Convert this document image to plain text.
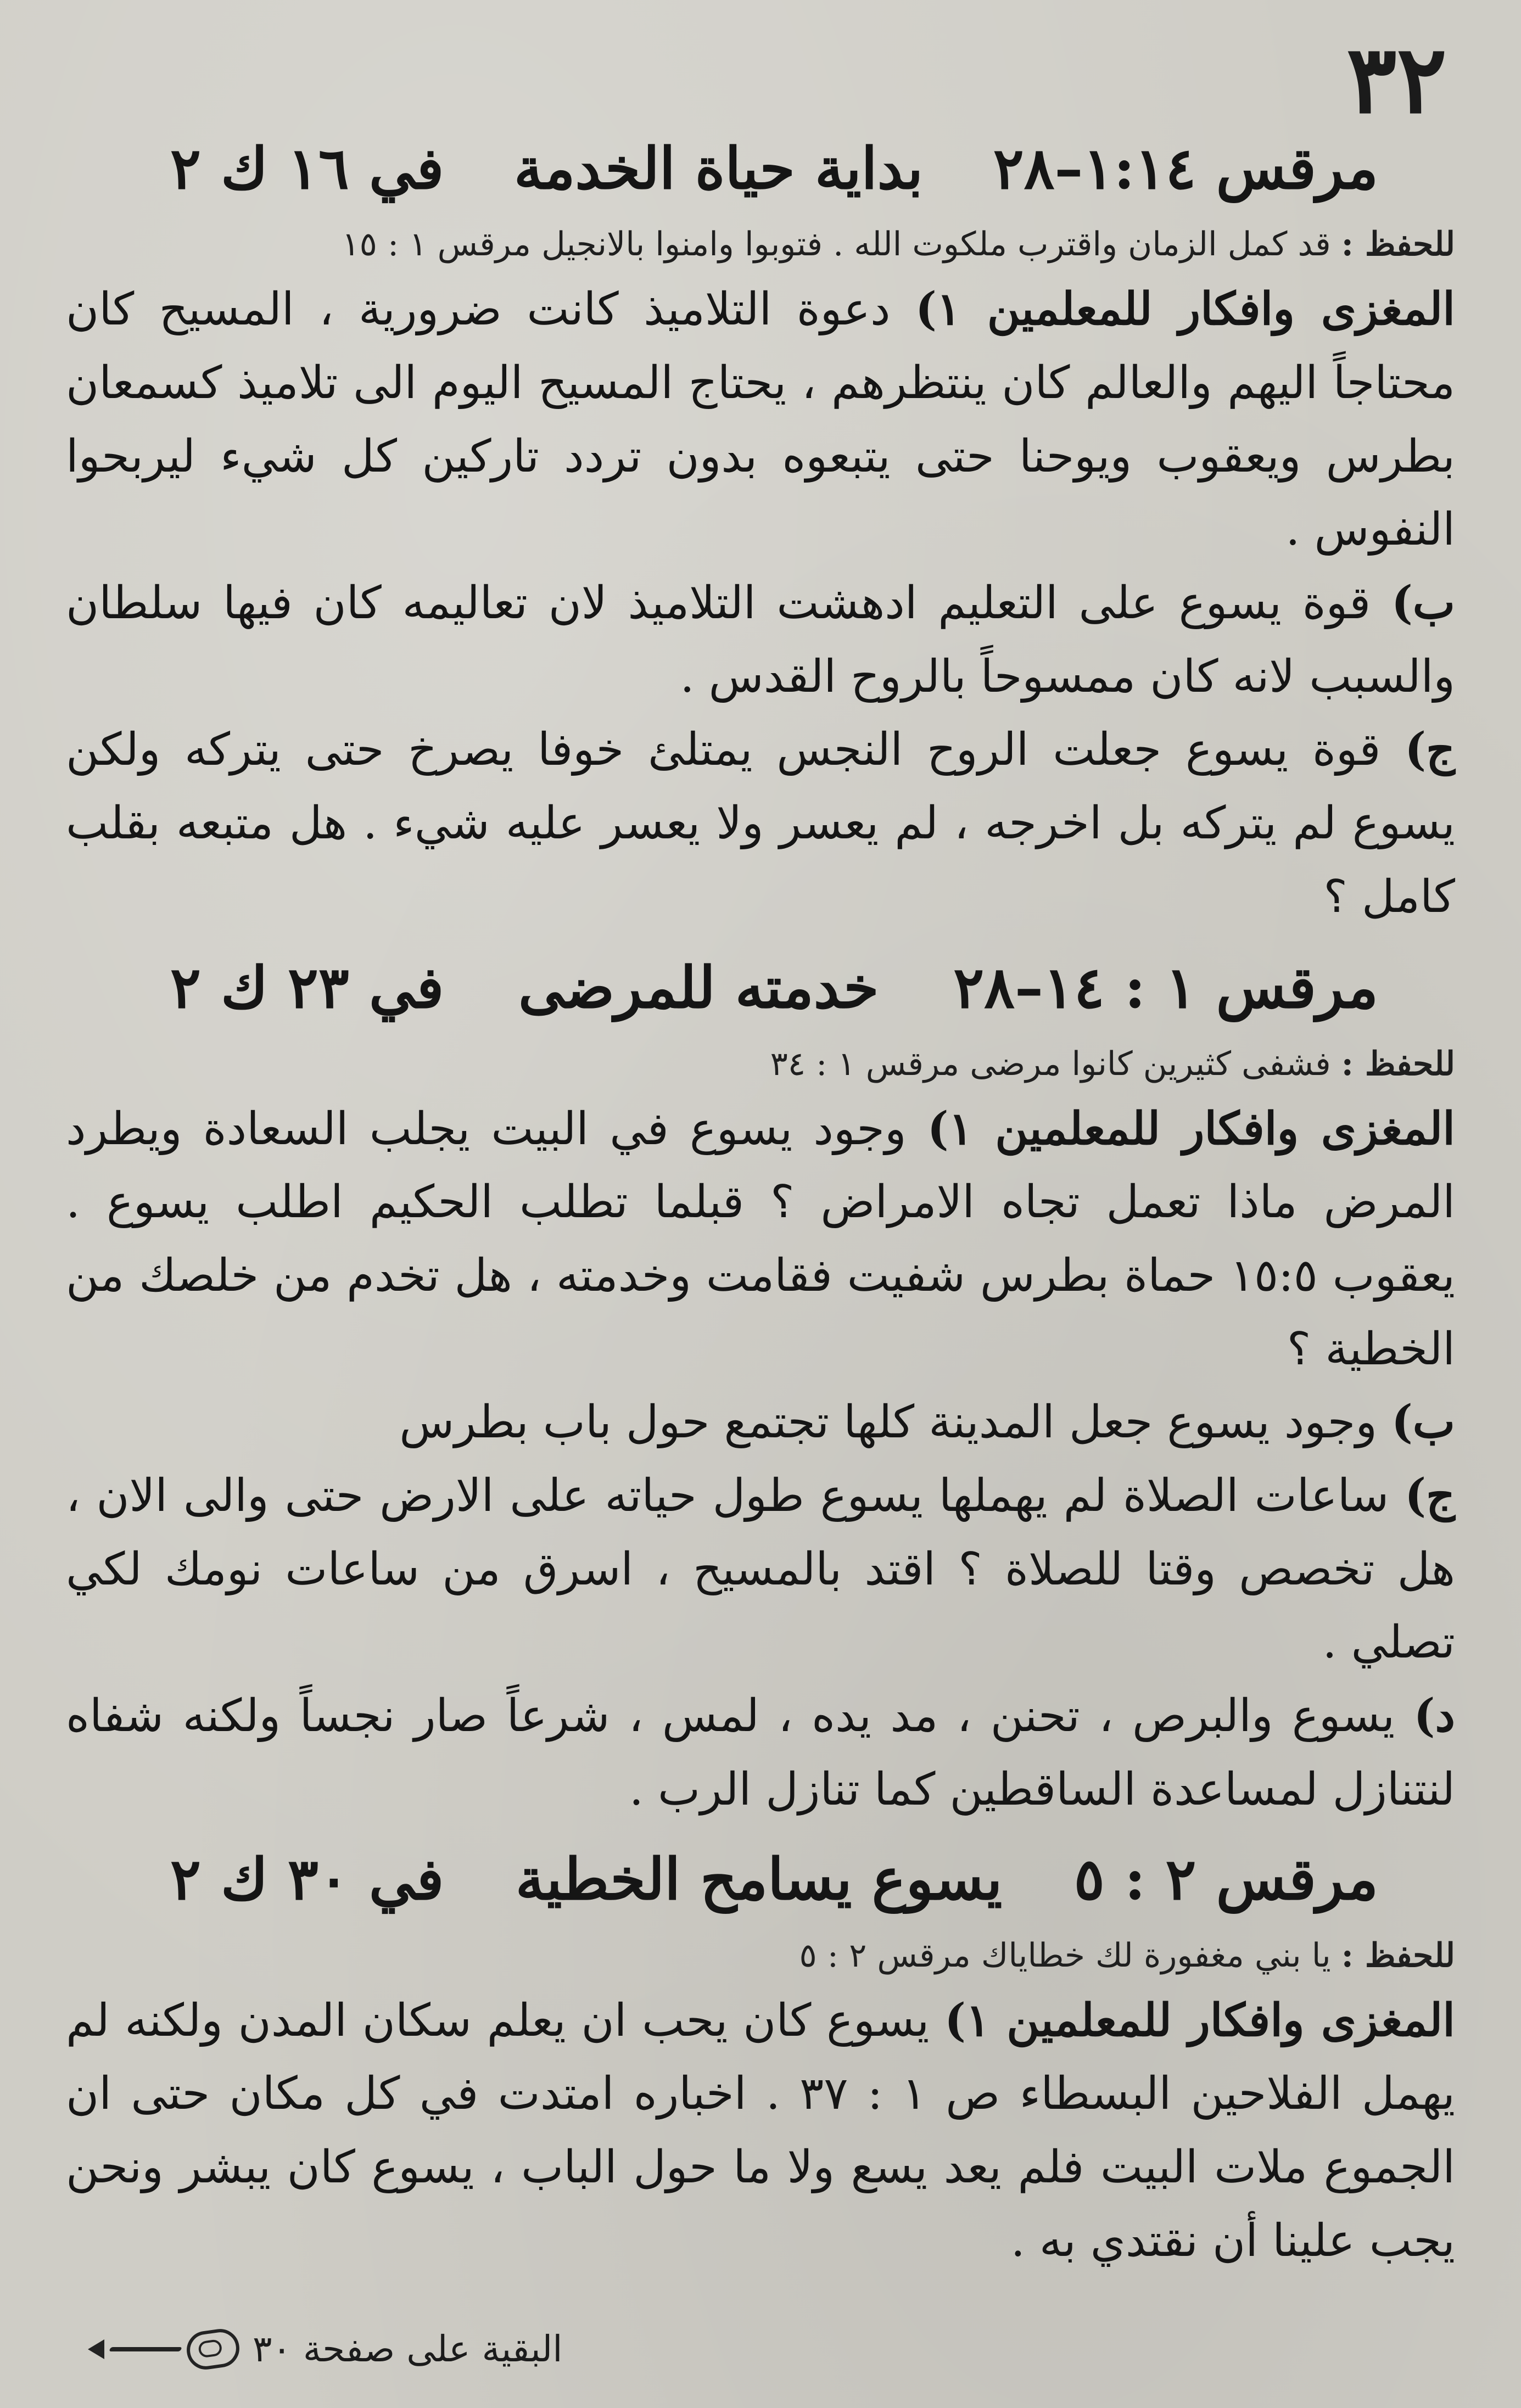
٣٢
في ١٦ ك ٢ بداية حياة الخدمة مرقس ١:١٤–٢٨
للحفظ : قد كمل الزمان واقترب ملكوت الله . فتوبوا وامنوا بالانجيل مرقس ١ : ١٥

المغزى وافكار للمعلمين ١) دعوة التلاميذ كانت ضرورية ، المسيح كان محتاجاً اليهم والعالم كان ينتظرهم ، يحتاج المسيح اليوم الى تلاميذ كسمعان بطرس ويعقوب ويوحنا حتى يتبعوه بدون تردد تاركين كل شيء ليربحوا النفوس .

ب) قوة يسوع على التعليم ادهشت التلاميذ لان تعاليمه كان فيها سلطان والسبب لانه كان ممسوحاً بالروح القدس .

ج) قوة يسوع جعلت الروح النجس يمتلئ خوفا يصرخ حتى يتركه ولكن يسوع لم يتركه بل اخرجه ، لم يعسر ولا يعسر عليه شيء . هل متبعه بقلب كامل ؟

في ٢٣ ك ٢ خدمته للمرضى مرقس ١ : ١٤–٢٨
للحفظ : فشفى كثيرين كانوا مرضى مرقس ١ : ٣٤

المغزى وافكار للمعلمين ١) وجود يسوع في البيت يجلب السعادة ويطرد المرض ماذا تعمل تجاه الامراض ؟ قبلما تطلب الحكيم اطلب يسوع . يعقوب ١٥:٥ حماة بطرس شفيت فقامت وخدمته ، هل تخدم من خلصك من الخطية ؟

ب) وجود يسوع جعل المدينة كلها تجتمع حول باب بطرس

ج) ساعات الصلاة لم يهملها يسوع طول حياته على الارض حتى والى الان ، هل تخصص وقتا للصلاة ؟ اقتد بالمسيح ، اسرق من ساعات نومك لكي تصلي .

د) يسوع والبرص ، تحنن ، مد يده ، لمس ، شرعاً صار نجساً ولكنه شفاه لنتنازل لمساعدة الساقطين كما تنازل الرب .

في ٣٠ ك ٢ يسوع يسامح الخطية مرقس ٢ : ٥
للحفظ : يا بني مغفورة لك خطاياك مرقس ٢ : ٥

المغزى وافكار للمعلمين ١) يسوع كان يحب ان يعلم سكان المدن ولكنه لم يهمل الفلاحين البسطاء ص ١ : ٣٧ . اخباره امتدت في كل مكان حتى ان الجموع ملات البيت فلم يعد يسع ولا ما حول الباب ، يسوع كان يبشر ونحن يجب علينا أن نقتدي به .

البقية على صفحة ٣٠
